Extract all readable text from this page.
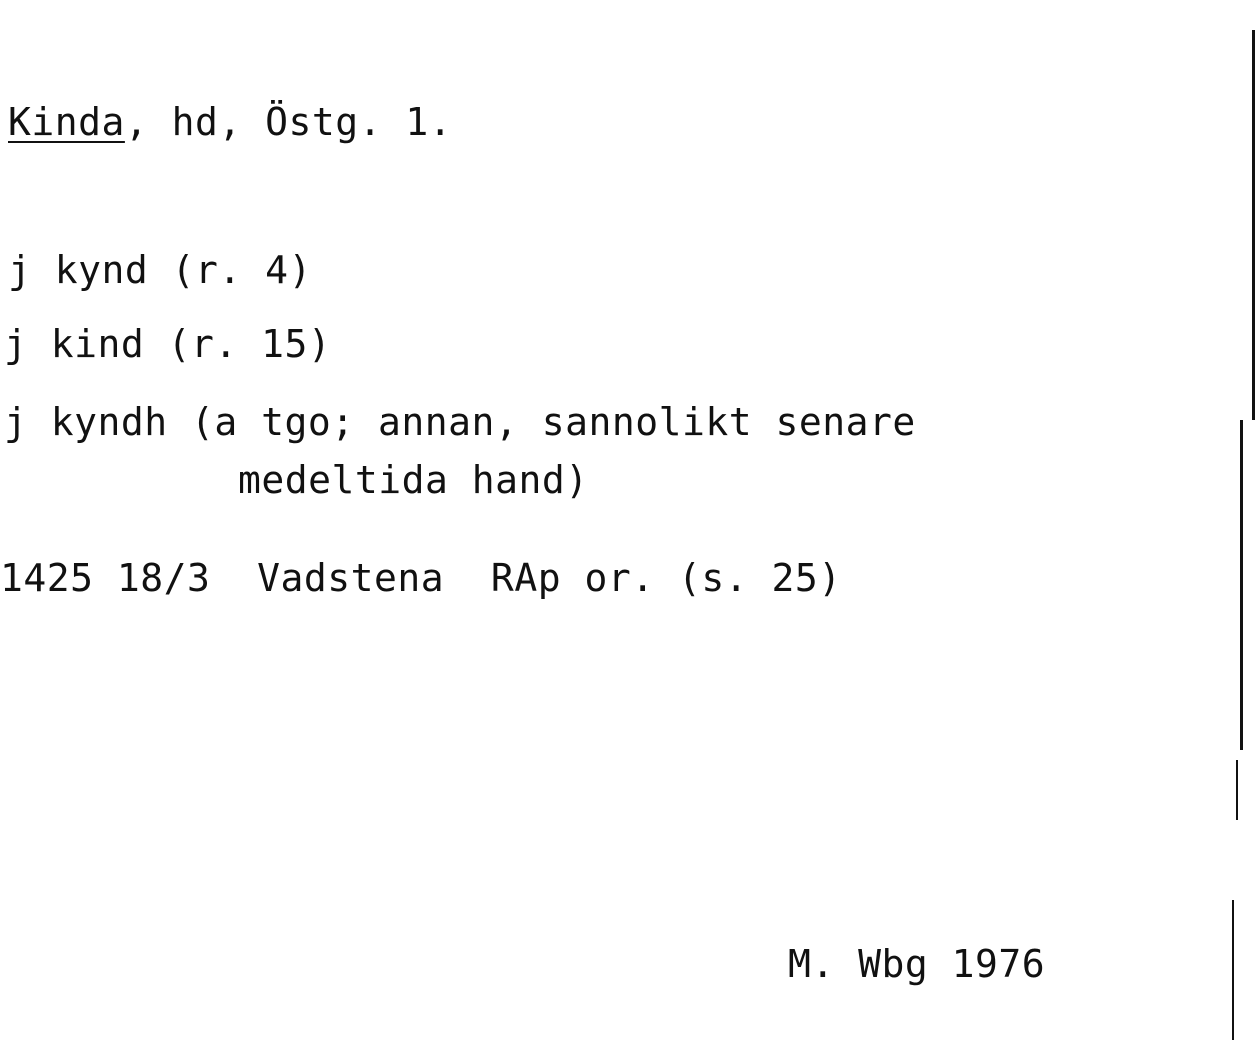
Kinda, hd, Östg. 1.
j kynd (r. 4)
j kind (r. 15)
j kyndh (a tgo; annan, sannolikt senare
medeltida hand)
1425 18/3  Vadstena  RAp or. (s. 25)
M. Wbg 1976
